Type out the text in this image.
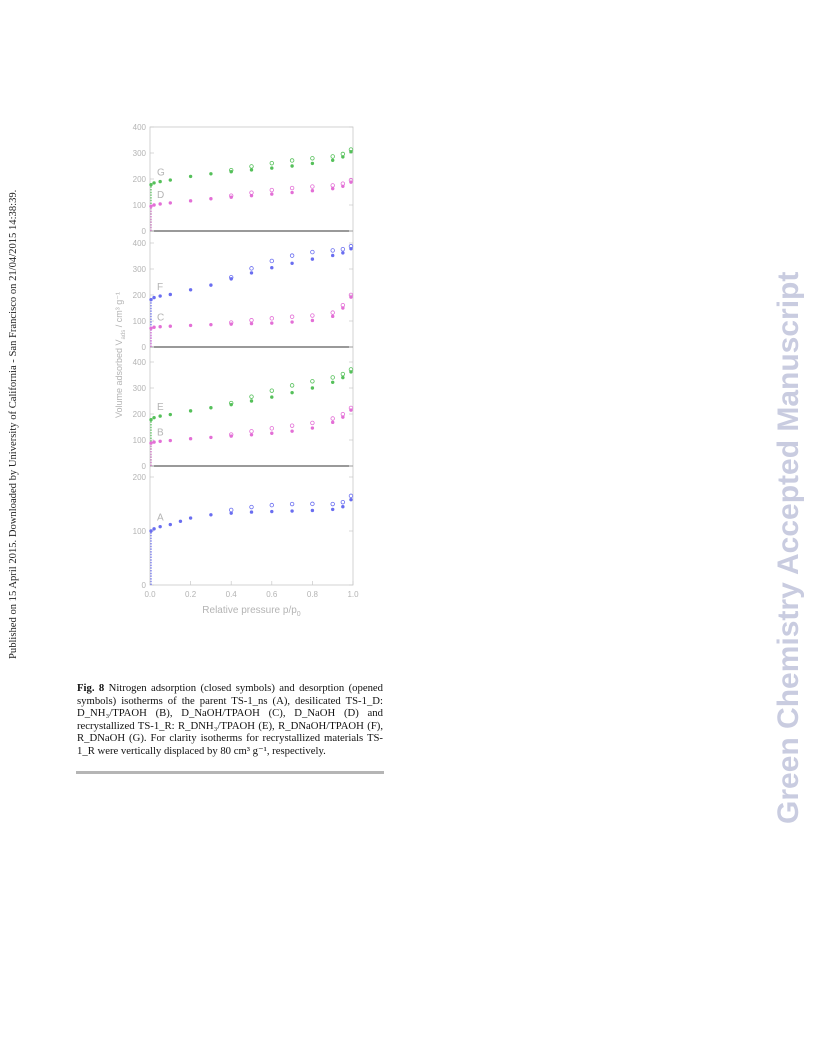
Published on 15 April 2015. Downloaded by University of California - San Francisco on 21/04/2015 14:38:39.	Green Chemistry Accepted Manuscript
0
100
200
300
400
G
D
0
100
200
300
400
F
C
0
100
200
300
400
E
B
0
100
200
A
0.0	0.2	0.4	0.6	0.8	1.0
Relative pressure $p/p_0$
Volume adsorbed $V_{ads} / cm^3$ g⁻¹
Fig. 8 Nitrogen adsorption (closed symbols) and desorption (opened symbols) isotherms of the parent TS-1_ns (A), desilicated TS-1_D: D_NH₃/TPAOH (B), D_NaOH/TPAOH (C), D_NaOH (D) and recrystallized TS-1_R: R_DNH₃/TPAOH (E), R_DNaOH/TPAOH (F), R_DNaOH (G). For clarity isotherms for recrystallized materials TS-1_R were vertically displaced by 80 cm³ g⁻¹, respectively.
